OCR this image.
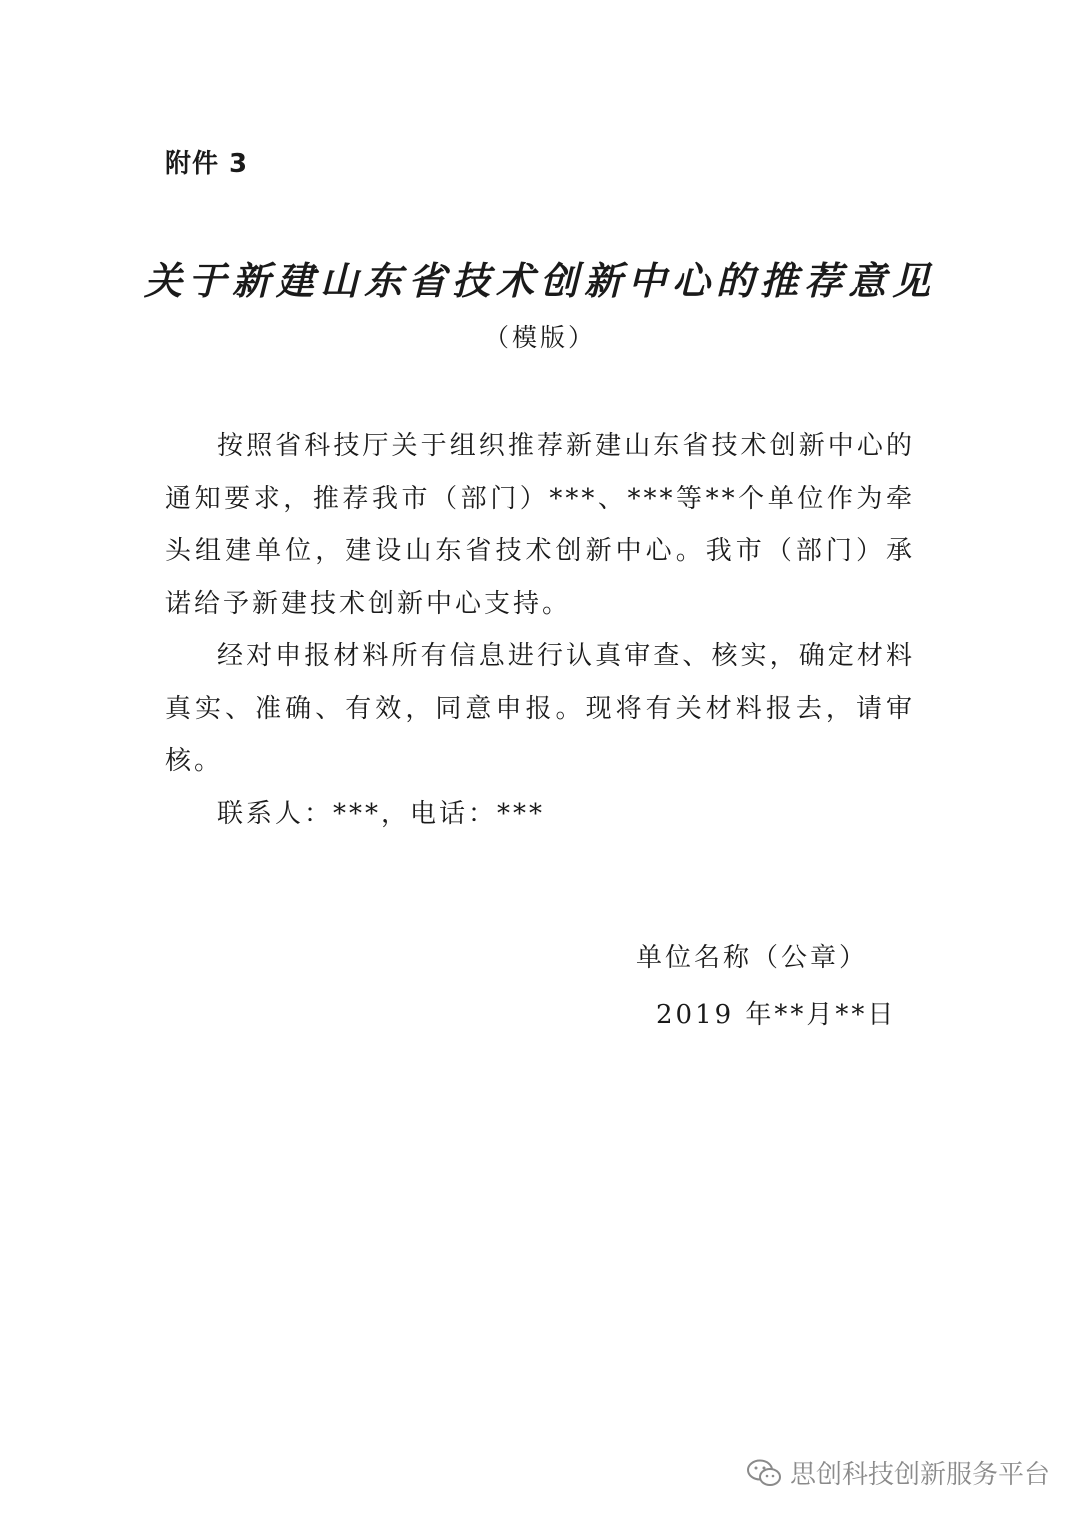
附件 3
关于新建山东省技术创新中心的推荐意见
（模版）

按照省科技厅关于组织推荐新建山东省技术创新中心的通知要求，推荐我市（部门）***、***等**个单位作为牵头组建单位，建设山东省技术创新中心。我市（部门）承诺给予新建技术创新中心支持。

经对申报材料所有信息进行认真审查、核实，确定材料真实、准确、有效，同意申报。现将有关材料报去，请审核。

联系人：***，电话：***

单位名称（公章）
2019 年**月**日
思创科技创新服务平台
